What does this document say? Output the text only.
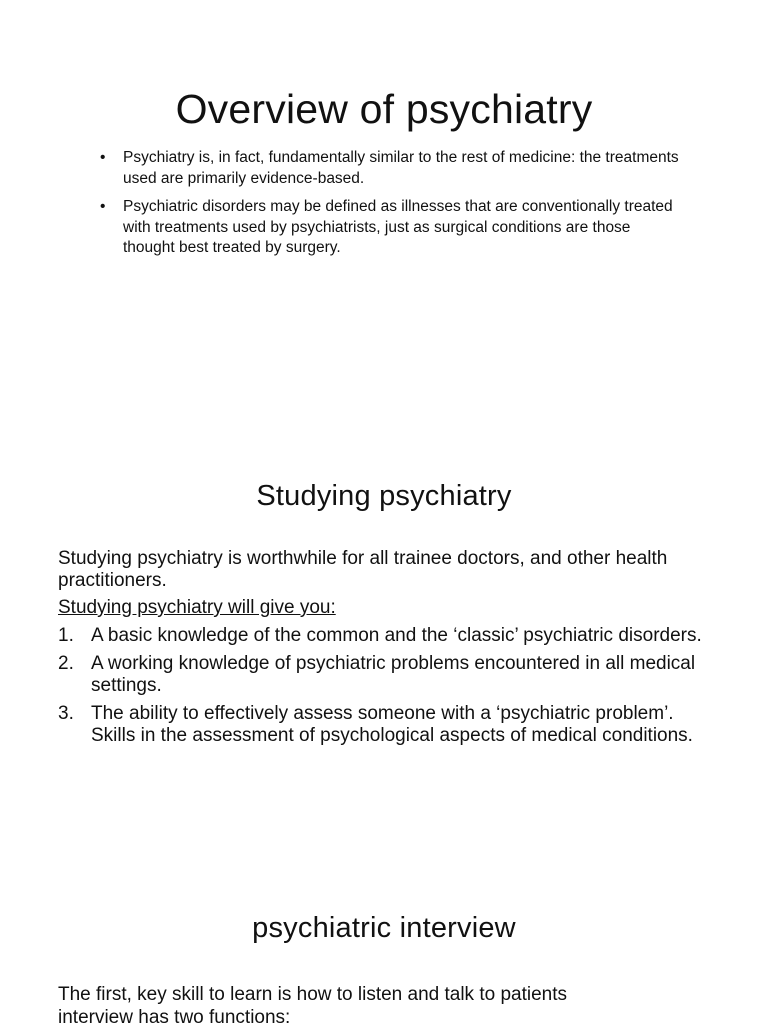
Overview of psychiatry
• Psychiatry is, in fact, fundamentally similar to the rest of medicine: the treatments used are primarily evidence-based.
• Psychiatric disorders may be defined as illnesses that are conventionally treated with treatments used by psychiatrists, just as surgical conditions are those thought best treated by surgery.
Studying psychiatry

Studying psychiatry is worthwhile for all trainee doctors, and other health practitioners.

Studying psychiatry will give you:

1. A basic knowledge of the common and the ‘classic’ psychiatric disorders.
2. A working knowledge of psychiatric problems encountered in all medical settings.
3. The ability to effectively assess someone with a ‘psychiatric problem’. Skills in the assessment of psychological aspects of medical conditions.
psychiatric interview

The first, key skill to learn is how to listen and talk to patients
interview has two functions:
